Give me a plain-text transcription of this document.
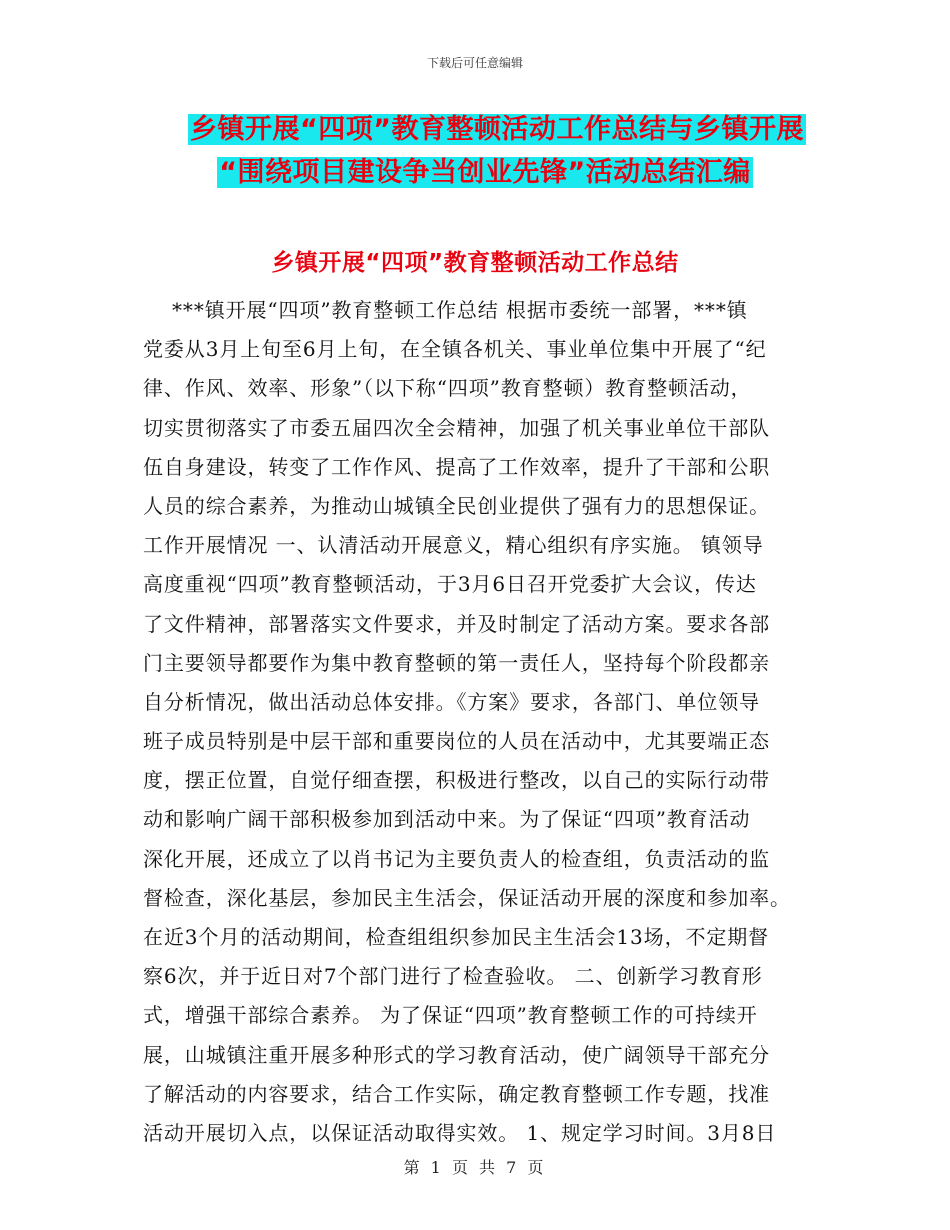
下载后可任意编辑
乡镇开展“四项”教育整顿活动工作总结与乡镇开展
“围绕项目建设争当创业先锋”活动总结汇编
乡镇开展“四项”教育整顿活动工作总结
***镇开展“四项”教育整顿工作总结 根据市委统一部署，***镇
党委从3月上旬至6月上旬，在全镇各机关、事业单位集中开展了“纪
律、作风、效率、形象”（以下称“四项”教育整顿）教育整顿活动，
切实贯彻落实了市委五届四次全会精神，加强了机关事业单位干部队
伍自身建设，转变了工作作风、提高了工作效率，提升了干部和公职
人员的综合素养，为推动山城镇全民创业提供了强有力的思想保证。
工作开展情况 一、认清活动开展意义，精心组织有序实施。 镇领导
高度重视“四项”教育整顿活动，于3月6日召开党委扩大会议，传达
了文件精神，部署落实文件要求，并及时制定了活动方案。要求各部
门主要领导都要作为集中教育整顿的第一责任人，坚持每个阶段都亲
自分析情况，做出活动总体安排。《方案》要求，各部门、单位领导
班子成员特别是中层干部和重要岗位的人员在活动中，尤其要端正态
度，摆正位置，自觉仔细查摆，积极进行整改，以自己的实际行动带
动和影响广阔干部积极参加到活动中来。为了保证“四项”教育活动
深化开展，还成立了以肖书记为主要负责人的检查组，负责活动的监
督检查，深化基层，参加民主生活会，保证活动开展的深度和参加率。
在近3个月的活动期间，检查组组织参加民主生活会13场，不定期督
察6次，并于近日对7个部门进行了检查验收。 二、创新学习教育形
式，增强干部综合素养。 为了保证“四项”教育整顿工作的可持续开
展，山城镇注重开展多种形式的学习教育活动，使广阔领导干部充分
了解活动的内容要求，结合工作实际，确定教育整顿工作专题，找准
活动开展切入点，以保证活动取得实效。 1、规定学习时间。3月8日
第 1 页 共 7 页
